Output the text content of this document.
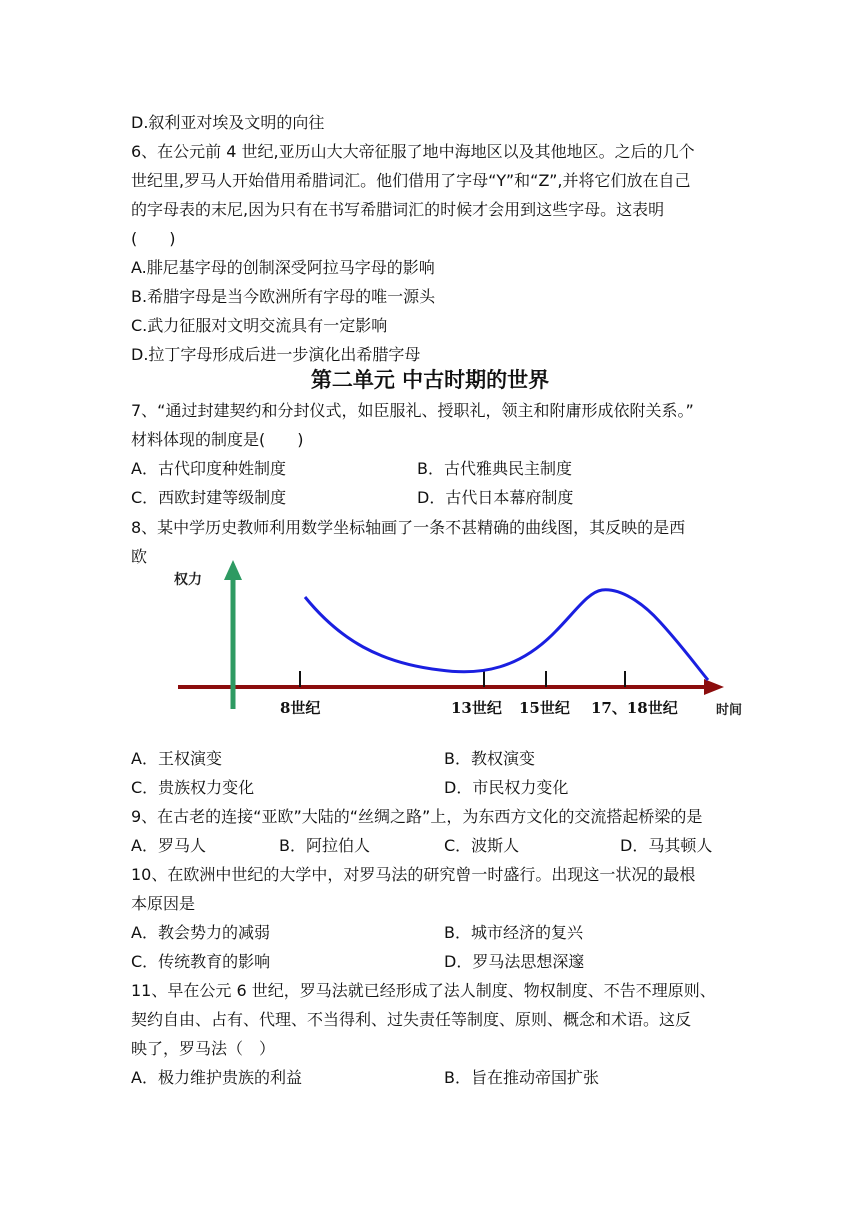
D.叙利亚对埃及文明的向往
6、在公元前 4 世纪,亚历山大大帝征服了地中海地区以及其他地区。之后的几个
世纪里,罗马人开始借用希腊词汇。他们借用了字母“Y”和“Z”,并将它们放在自己
的字母表的末尼,因为只有在书写希腊词汇的时候才会用到这些字母。这表明
(　　)
A.腓尼基字母的创制深受阿拉马字母的影响
B.希腊字母是当今欧洲所有字母的唯一源头
C.武力征服对文明交流具有一定影响
D.拉丁字母形成后进一步演化出希腊字母
第二单元 中古时期的世界
7、“通过封建契约和分封仪式，如臣服礼、授职礼，领主和附庸形成依附关系。”
材料体现的制度是(　　)
A．古代印度种姓制度	B．古代雅典民主制度
C．西欧封建等级制度	D．古代日本幕府制度
8、某中学历史教师利用数学坐标轴画了一条不甚精确的曲线图，其反映的是西
欧
权力
8世纪	13世纪 15世纪 17、18世纪	时间
A．王权演变	B．教权演变
C．贵族权力变化	D．市民权力变化
9、在古老的连接“亚欧”大陆的“丝绸之路”上，为东西方文化的交流搭起桥梁的是
A．罗马人	B．阿拉伯人	C．波斯人	D．马其顿人
10、在欧洲中世纪的大学中，对罗马法的研究曾一时盛行。出现这一状况的最根
本原因是
A．教会势力的减弱	B．城市经济的复兴
C．传统教育的影响	D．罗马法思想深邃
11、早在公元 6 世纪，罗马法就已经形成了法人制度、物权制度、不告不理原则、
契约自由、占有、代理、不当得利、过失责任等制度、原则、概念和术语。这反
映了，罗马法（　）
A．极力维护贵族的利益	B．旨在推动帝国扩张
